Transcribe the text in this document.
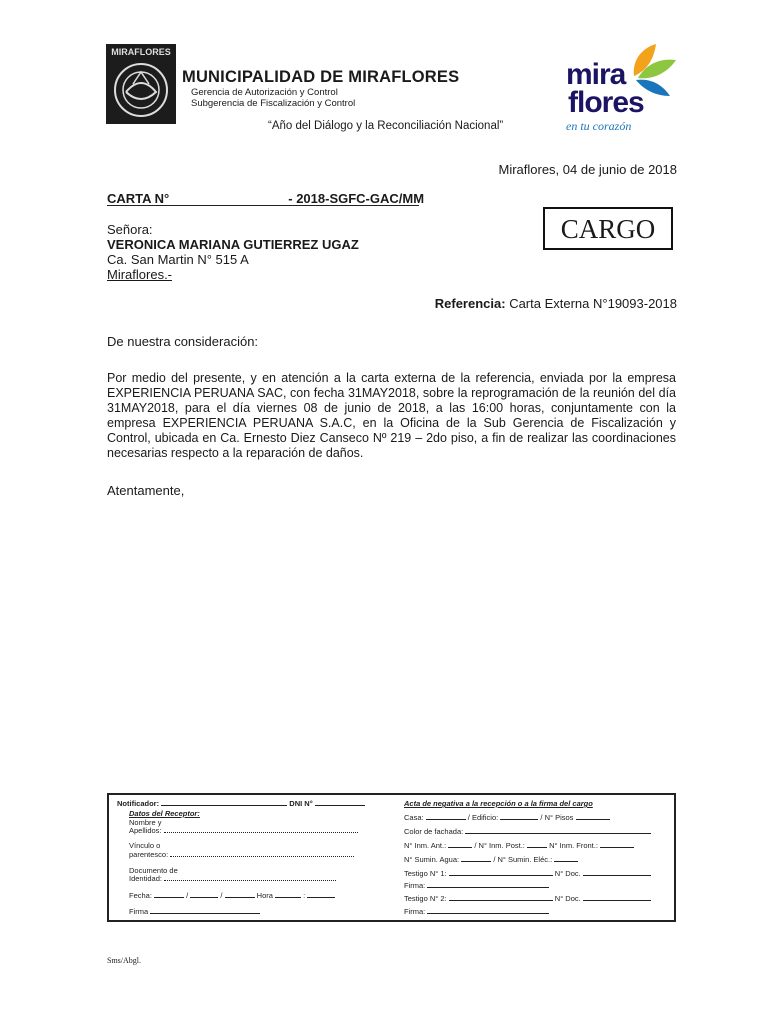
MIRAFLORES
MUNICIPALIDAD DE MIRAFLORES
Gerencia de Autorización y Control
Subgerencia de Fiscalización y Control
“Año del Diálogo y la Reconciliación Nacional”
mira
flores
en tu corazón
Miraflores, 04 de junio de 2018
CARTA N°	- 2018-SGFC-GAC/MM
CARGO
Señora:
VERONICA MARIANA GUTIERREZ UGAZ
Ca. San Martin N° 515 A
Miraflores.-
Referencia: Carta Externa N°19093-2018
De nuestra consideración:
Por medio del presente, y en atención a la carta externa de la referencia, enviada por la empresa EXPERIENCIA PERUANA SAC, con fecha 31MAY2018, sobre la reprogramación de la reunión del día 31MAY2018, para el día viernes 08 de junio de 2018, a las 16:00 horas, conjuntamente con la empresa EXPERIENCIA PERUANA S.A.C, en la Oficina de la Sub Gerencia de Fiscalización y Control, ubicada en Ca. Ernesto Diez Canseco Nº 219 – 2do piso, a fin de realizar las coordinaciones necesarias respecto a la reparación de daños.
Atentamente,
Notificador:	DNI N°
Datos del Receptor:
Nombre y
Apellidos:
Vínculo o
parentesco:
Documento de
Identidad:
Fecha:	/	/	Hora	:
Firma
Acta de negativa a la recepción o a la firma del cargo
Casa:	/ Edificio:	/ N° Pisos
Color de fachada:
N° Inm. Ant.:	/ N° Inm. Post.:	N° Inm. Front.:
N° Sumin. Agua:	/ N° Sumin. Eléc.:
Testigo N° 1:	N° Doc.
Firma:
Testigo N° 2:	N° Doc.
Firma:
Sms/Abgl.
